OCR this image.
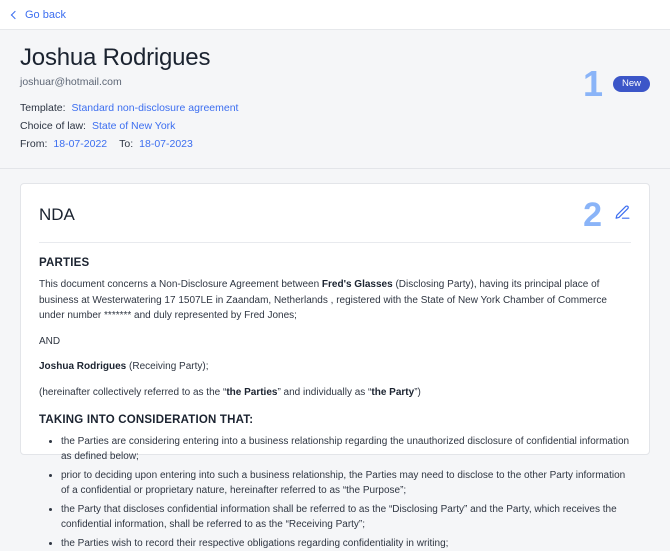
Go back
Joshua Rodrigues
joshuar@hotmail.com
Template: Standard non-disclosure agreement
Choice of law: State of New York
From: 18-07-2022 To: 18-07-2023
1	New
NDA	2
PARTIES

This document concerns a Non-Disclosure Agreement between Fred's Glasses (Disclosing Party), having its principal place of business at Westerwatering 17 1507LE in Zaandam, Netherlands , registered with the State of New York Chamber of Commerce under number ******* and duly represented by Fred Jones;

AND

Joshua Rodrigues (Receiving Party);

(hereinafter collectively referred to as the “the Parties” and individually as “the Party”)

TAKING INTO CONSIDERATION THAT:
• the Parties are considering entering into a business relationship regarding the unauthorized disclosure of confidential information as defined below;
• prior to deciding upon entering into such a business relationship, the Parties may need to disclose to the other Party information of a confidential or proprietary nature, hereinafter referred to as “the Purpose”;
• the Party that discloses confidential information shall be referred to as the “Disclosing Party” and the Party, which receives the confidential information, shall be referred to as the “Receiving Party”;
• the Parties wish to record their respective obligations regarding confidentiality in writing;
